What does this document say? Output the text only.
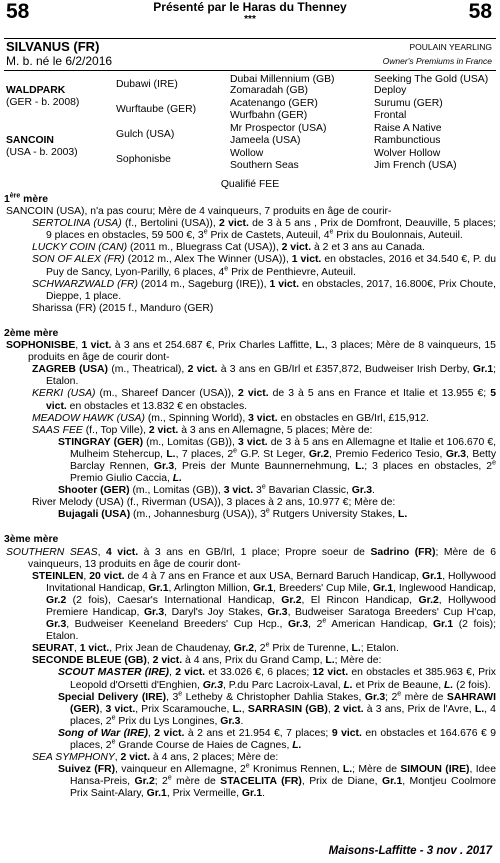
58	Présenté par le Haras du Thenney
***	58
SILVANUS (FR)
M. b. né le 6/2/2016
POULAIN YEARLING
Owner's Premiums in France
WALDPARK
(GER - b. 2008)
SANCOIN
(USA - b. 2003)
Dubawi (IRE)
Wurftaube (GER)
Gulch (USA)
Sophonisbe
Dubai Millennium (GB)
Zomaradah (GB)
Acatenango (GER)
Wurfbahn (GER)
Mr Prospector (USA)
Jameela (USA)
Wollow
Southern Seas
Seeking The Gold (USA)
Deploy
Surumu (GER)
Frontal
Raise A Native
Rambunctious
Wolver Hollow
Jim French (USA)
Qualifié FEE
1ère mère

SANCOIN (USA), n'a pas couru; Mère de 4 vainqueurs, 7 produits en âge de courir-

SERTOLINA (USA) (f., Bertolini (USA)), 2 vict. de 3 à 5 ans , Prix de Domfront, Deauville, 5 places; 9 places en obstacles, 59 500 €, 3e Prix de Castets, Auteuil, 4e Prix du Boulonnais, Auteuil.

LUCKY COIN (CAN) (2011 m., Bluegrass Cat (USA)), 2 vict. à 2 et 3 ans au Canada.

SON OF ALEX (FR) (2012 m., Alex The Winner (USA)), 1 vict. en obstacles, 2016 et 34.540 €, P. du Puy de Sancy, Lyon-Parilly, 6 places, 4e Prix de Penthievre, Auteuil.

SCHWARZWALD (FR) (2014 m., Sageburg (IRE)), 1 vict. en obstacles, 2017, 16.800€, Prix Choute, Dieppe, 1 place.

Sharissa (FR) (2015 f., Manduro (GER)

2ème mère

SOPHONISBE, 1 vict. à 3 ans et 254.687 €, Prix Charles Laffitte, L., 3 places; Mère de 8 vainqueurs, 15 produits en âge de courir dont-

ZAGREB (USA) (m., Theatrical), 2 vict. à 3 ans en GB/Irl et £357,872, Budweiser Irish Derby, Gr.1; Etalon.

KERKI (USA) (m., Shareef Dancer (USA)), 2 vict. de 3 à 5 ans en France et Italie et 13.955 €; 5 vict. en obstacles et 13.832 € en obstacles.

MEADOW HAWK (USA) (m., Spinning World), 3 vict. en obstacles en GB/Irl, £15,912.

SAAS FEE (f., Top Ville), 2 vict. à 3 ans en Allemagne, 5 places; Mère de:

STINGRAY (GER) (m., Lomitas (GB)), 3 vict. de 3 à 5 ans en Allemagne et Italie et 106.670 €, Mulheim Stehercup, L., 7 places, 2e G.P. St Leger, Gr.2, Premio Federico Tesio, Gr.3, Betty Barclay Rennen, Gr.3, Preis der Munte Baunnernehmung, L.; 3 places en obstacles, 2e Premio Giulio Caccia, L.

Shooter (GER) (m., Lomitas (GB)), 3 vict. 3e Bavarian Classic, Gr.3.

River Melody (USA) (f., Riverman (USA)), 3 places à 2 ans, 10.977 €; Mère de:

Bujagali (USA) (m., Johannesburg (USA)), 3e Rutgers University Stakes, L.

3ème mère

SOUTHERN SEAS, 4 vict. à 3 ans en GB/Irl, 1 place; Propre soeur de Sadrino (FR); Mère de 6 vainqueurs, 13 produits en âge de courir dont-

STEINLEN, 20 vict. de 4 à 7 ans en France et aux USA, Bernard Baruch Handicap, Gr.1, Hollywood Invitational Handicap, Gr.1, Arlington Million, Gr.1, Breeders' Cup Mile, Gr.1, Inglewood Handicap, Gr.2 (2 fois), Caesar's International Handicap, Gr.2, El Rincon Handicap, Gr.2, Hollywood Premiere Handicap, Gr.3, Daryl's Joy Stakes, Gr.3, Budweiser Saratoga Breeders' Cup H'cap, Gr.3, Budweiser Keeneland Breeders' Cup Hcp., Gr.3, 2e American Handicap, Gr.1 (2 fois); Etalon.

SEURAT, 1 vict., Prix Jean de Chaudenay, Gr.2, 2e Prix de Turenne, L.; Etalon.

SECONDE BLEUE (GB), 2 vict. à 4 ans, Prix du Grand Camp, L.; Mère de:

SCOUT MASTER (IRE), 2 vict. et 33.026 €, 6 places; 12 vict. en obstacles et 385.963 €, Prix Leopold d'Orsetti d'Enghien, Gr.3, P.du Parc Lacroix-Laval, L. et Prix de Beaune, L. (2 fois).

Special Delivery (IRE), 3e Letheby & Christopher Dahlia Stakes, Gr.3; 2e mère de SAHRAWI (GER), 3 vict., Prix Scaramouche, L., SARRASIN (GB), 2 vict. à 3 ans, Prix de l'Avre, L., 4 places, 2e Prix du Lys Longines, Gr.3.

Song of War (IRE), 2 vict. à 2 ans et 21.954 €, 7 places; 9 vict. en obstacles et 164.676 € 9 places, 2e Grande Course de Haies de Cagnes, L.

SEA SYMPHONY, 2 vict. à 4 ans, 2 places; Mère de:

Suivez (FR), vainqueur en Allemagne, 2e Kronimus Rennen, L.; Mère de SIMOUN (IRE), Idee Hansa-Preis, Gr.2; 2e mère de STACELITA (FR), Prix de Diane, Gr.1, Montjeu Coolmore Prix Saint-Alary, Gr.1, Prix Vermeille, Gr.1.

Maisons-Laffitte - 3 nov . 2017
